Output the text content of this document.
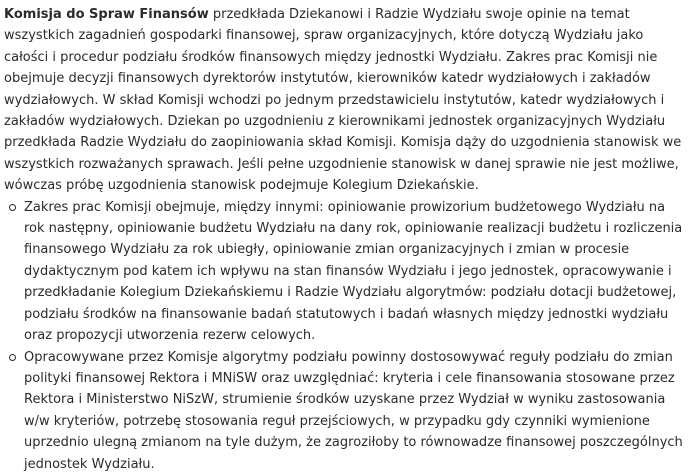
Komisja do Spraw Finansów przedkłada Dziekanowi i Radzie Wydziału swoje opinie na temat wszystkich zagadnień gospodarki finansowej, spraw organizacyjnych, które dotyczą Wydziału jako całości i procedur podziału środków finansowych między jednostki Wydziału. Zakres prac Komisji nie obejmuje decyzji finansowych dyrektorów instytutów, kierowników katedr wydziałowych i zakładów wydziałowych. W skład Komisji wchodzi po jednym przedstawicielu instytutów, katedr wydziałowych i zakładów wydziałowych. Dziekan po uzgodnieniu z kierownikami jednostek organizacyjnych Wydziału przedkłada Radzie Wydziału do zaopiniowania skład Komisji. Komisja dąży do uzgodnienia stanowisk we wszystkich rozważanych sprawach. Jeśli pełne uzgodnienie stanowisk w danej sprawie nie jest możliwe, wówczas próbę uzgodnienia stanowisk podejmuje Kolegium Dziekańskie.

Zakres prac Komisji obejmuje, między innymi: opiniowanie prowizorium budżetowego Wydziału na rok następny, opiniowanie budżetu Wydziału na dany rok, opiniowanie realizacji budżetu i rozliczenia finansowego Wydziału za rok ubiegły, opiniowanie zmian organizacyjnych i zmian w procesie dydaktycznym pod katem ich wpływu na stan finansów Wydziału i jego jednostek, opracowywanie i przedkładanie Kolegium Dziekańskiemu i Radzie Wydziału algorytmów: podziału dotacji budżetowej, podziału środków na finansowanie badań statutowych i badań własnych między jednostki wydziału oraz propozycji utworzenia rezerw celowych.
Opracowywane przez Komisje algorytmy podziału powinny dostosowywać reguły podziału do zmian polityki finansowej Rektora i MNiSW oraz uwzględniać: kryteria i cele finansowania stosowane przez Rektora i Ministerstwo NiSzW, strumienie środków uzyskane przez Wydział w wyniku zastosowania w/w kryteriów, potrzebę stosowania reguł przejściowych, w przypadku gdy czynniki wymienione uprzednio ulegną zmianom na tyle dużym, że zagroziłoby to równowadze finansowej poszczególnych jednostek Wydziału.
